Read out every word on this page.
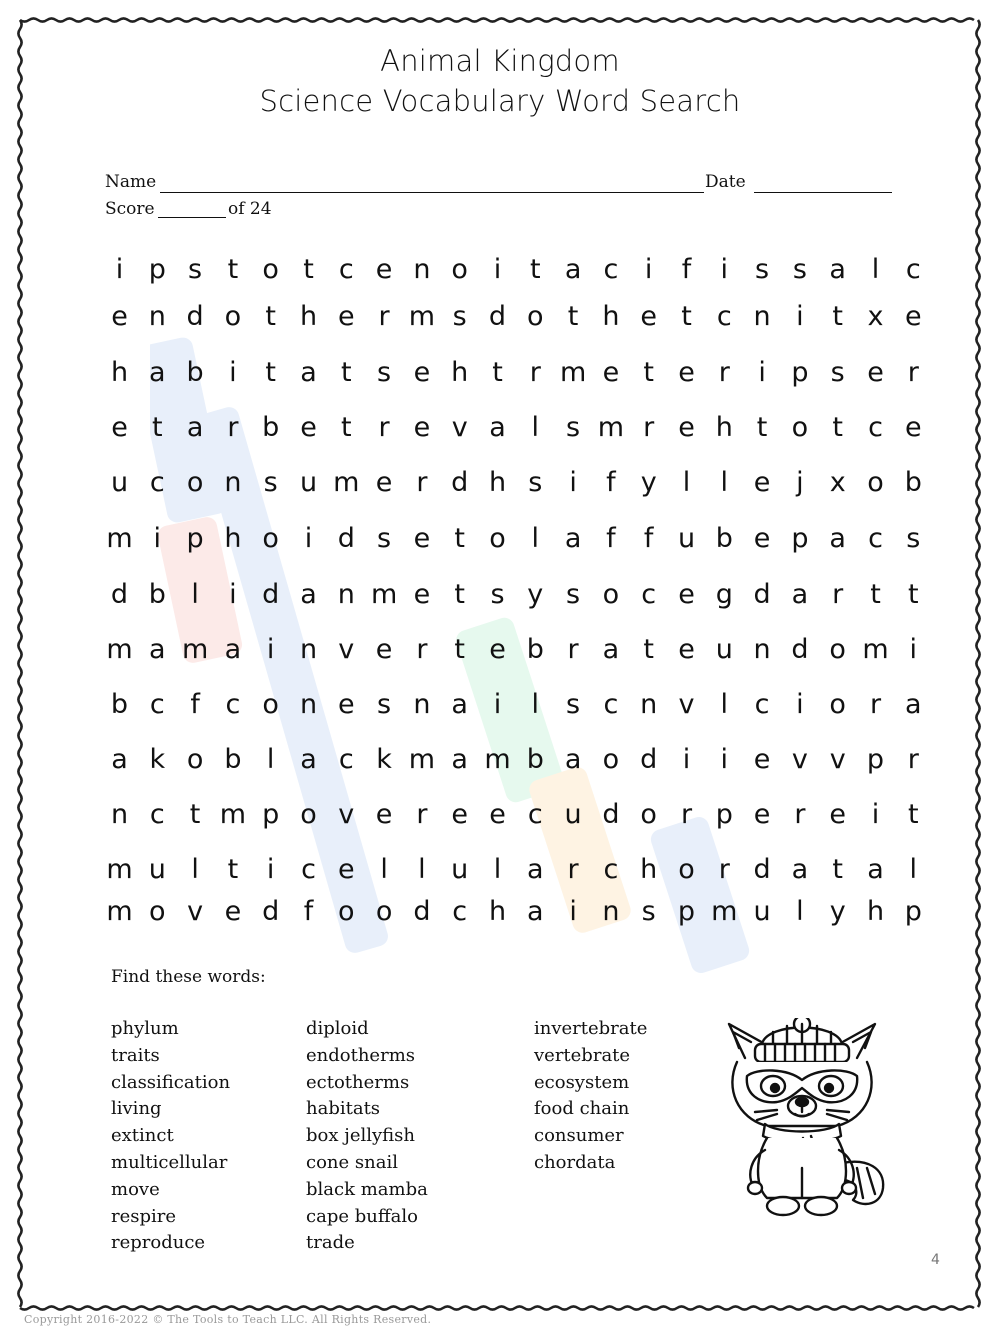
Animal Kingdom
Science Vocabulary Word Search
Name	Date
Score	of 24
i p s t o t c e n o i	t a c i	f	i	s s a l c
e n d o t h e r m s d o t h e t c n i	t x e
h a b i	t a t s e h t r m e t e r	i p s e r
e t a r b e t r e v a l	s m r e h t o t c e
u c o n s u m e r d h s	i	f y l	l e j x o b
m i p h o i d s e t o l a f	f u b e p a c s
d b l	i d a n m e t s y s o c e g d a r t	t
m a m a i n v e r t e b r a t e u n d o m i
b c f c o n e s n a i	l	s c n v l c i o r a
a k o b l a c k m a m b a o d i	i e v v p r
n c t m p o v e r e e c u d o r p e r e i	t
m u l	t	i c e l	l u l a r c h o r d a t a l
m o v e d f o o d c h a i n s p m u l y h p
Find these words:
phylum
traits
classification
living
extinct
multicellular
move
respire
reproduce
diploid
endotherms
ectotherms
habitats
box jellyfish
cone snail
black mamba
cape buffalo
trade
invertebrate
vertebrate
ecosystem
food chain
consumer
chordata
4
Copyright 2016-2022 © The Tools to Teach LLC. All Rights Reserved.
